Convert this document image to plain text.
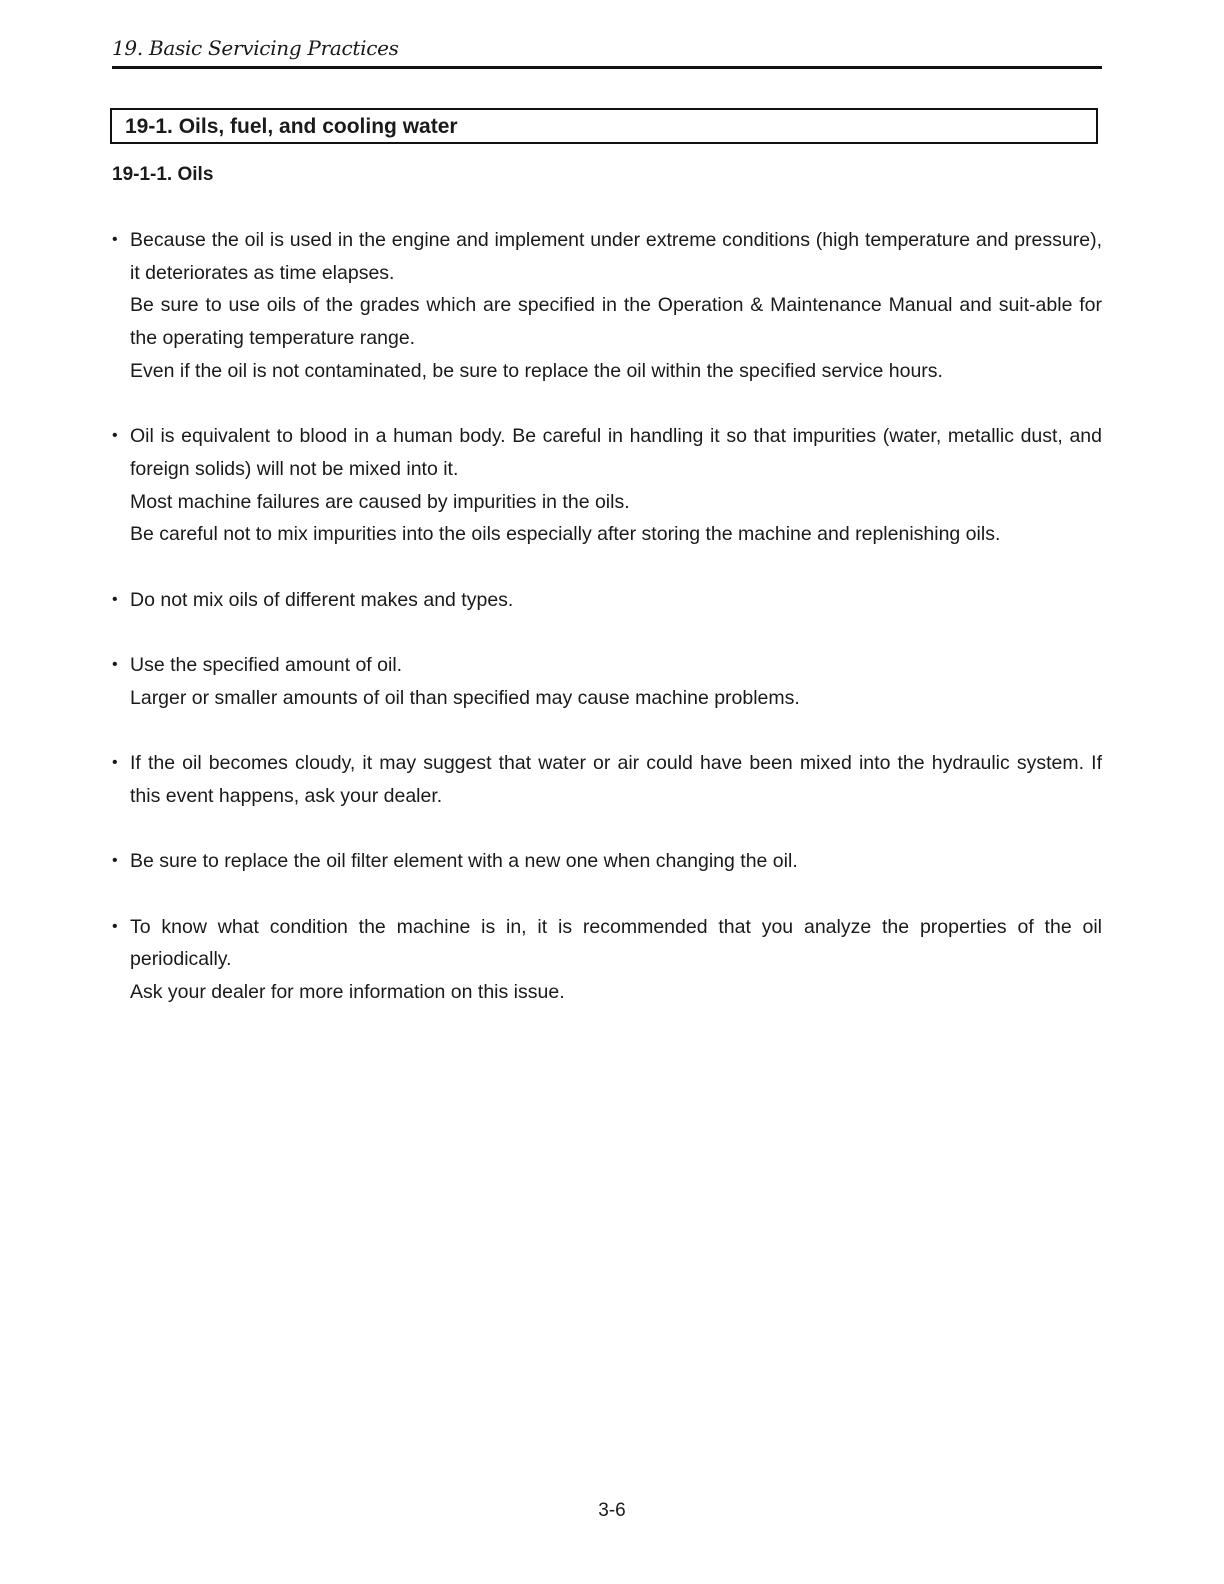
19. Basic Servicing Practices
19-1. Oils, fuel, and cooling water
19-1-1. Oils
• Because the oil is used in the engine and implement under extreme conditions (high temperature and pressure), it deteriorates as time elapses.

Be sure to use oils of the grades which are specified in the Operation & Maintenance Manual and suit-able for the operating temperature range.

Even if the oil is not contaminated, be sure to replace the oil within the specified service hours.

• Oil is equivalent to blood in a human body. Be careful in handling it so that impurities (water, metallic dust, and foreign solids) will not be mixed into it.

Most machine failures are caused by impurities in the oils.

Be careful not to mix impurities into the oils especially after storing the machine and replenishing oils.

• Do not mix oils of different makes and types.

• Use the specified amount of oil.

Larger or smaller amounts of oil than specified may cause machine problems.

• If the oil becomes cloudy, it may suggest that water or air could have been mixed into the hydraulic system. If this event happens, ask your dealer.

• Be sure to replace the oil filter element with a new one when changing the oil.

• To know what condition the machine is in, it is recommended that you analyze the properties of the oil periodically.

Ask your dealer for more information on this issue.

3-6
